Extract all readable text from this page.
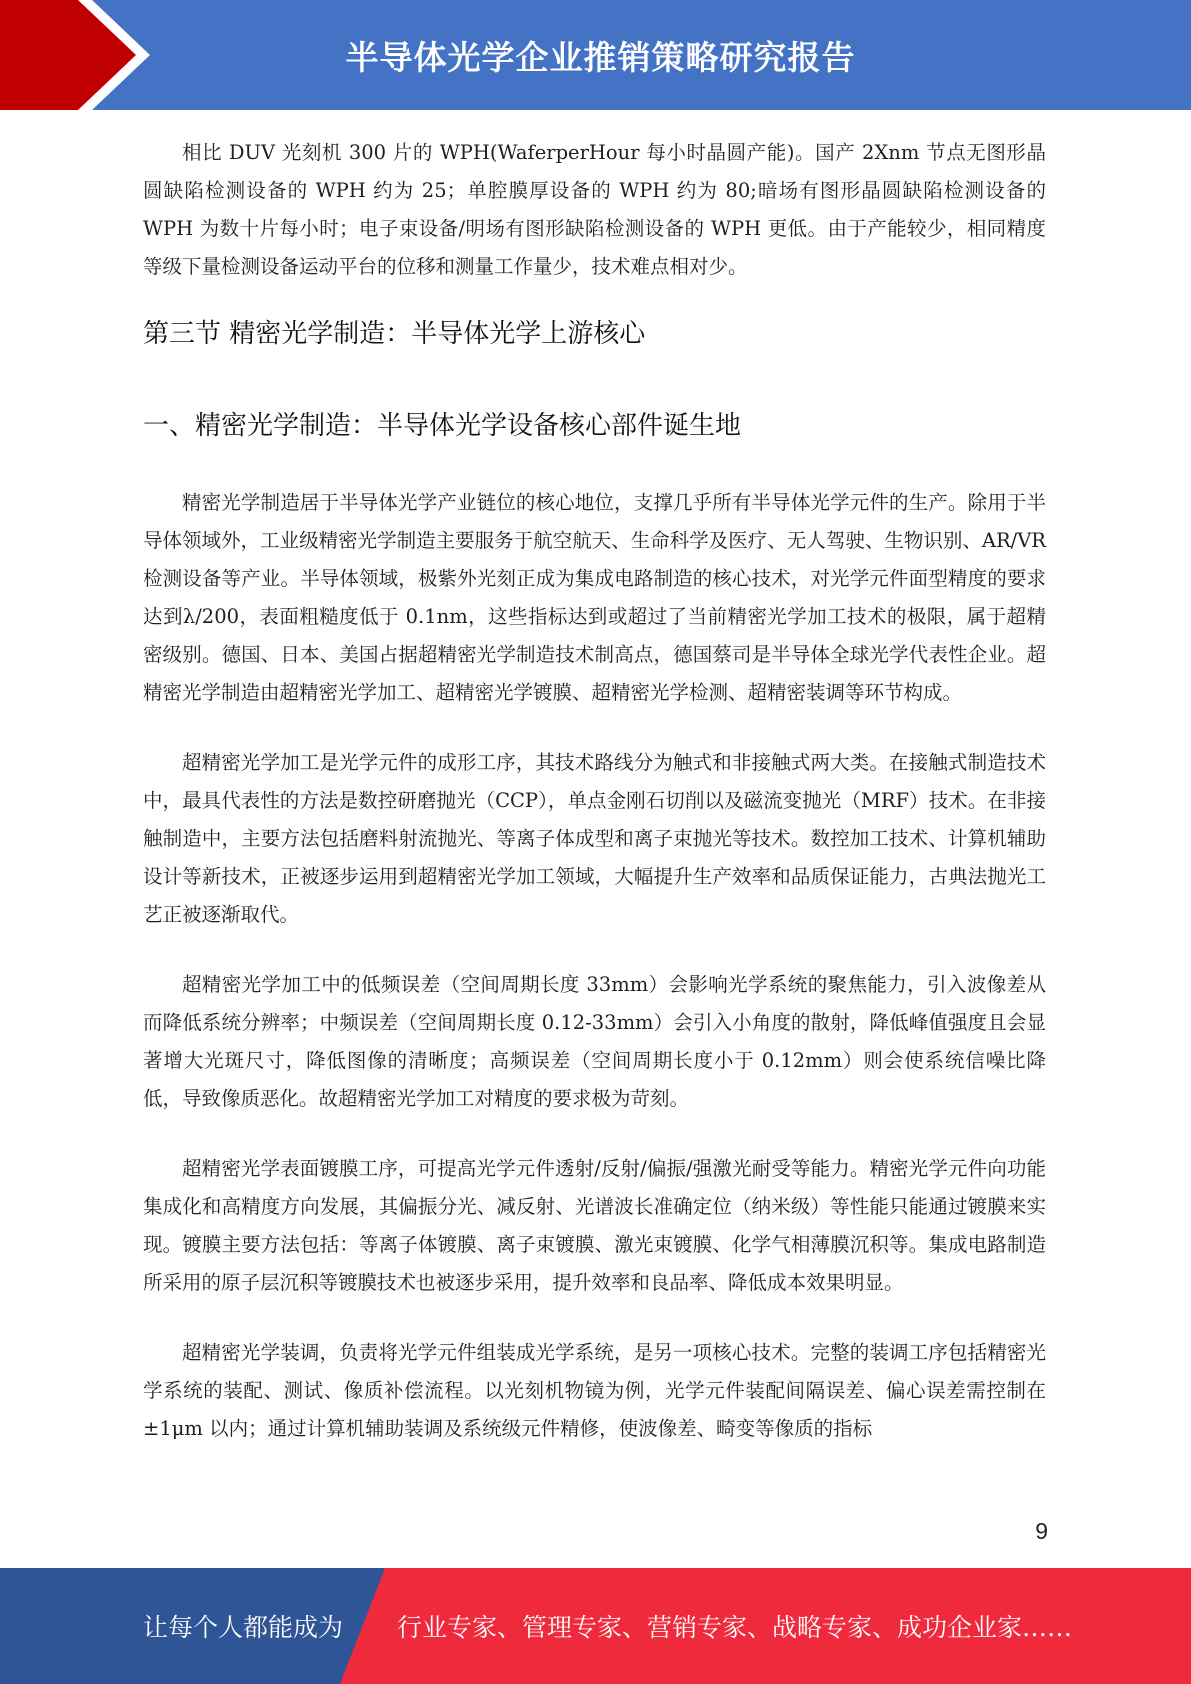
半导体光学企业推销策略研究报告

相比 DUV 光刻机 300 片的 WPH(WaferperHour 每小时晶圆产能)。国产 2Xnm 节点无图形晶圆缺陷检测设备的 WPH 约为 25；单腔膜厚设备的 WPH 约为 80;暗场有图形晶圆缺陷检测设备的 WPH 为数十片每小时；电子束设备/明场有图形缺陷检测设备的 WPH 更低。由于产能较少，相同精度等级下量检测设备运动平台的位移和测量工作量少，技术难点相对少。

第三节 精密光学制造：半导体光学上游核心
一、精密光学制造：半导体光学设备核心部件诞生地

精密光学制造居于半导体光学产业链位的核心地位，支撑几乎所有半导体光学元件的生产。除用于半导体领域外，工业级精密光学制造主要服务于航空航天、生命科学及医疗、无人驾驶、生物识别、AR/VR 检测设备等产业。半导体领域，极紫外光刻正成为集成电路制造的核心技术，对光学元件面型精度的要求达到λ/200，表面粗糙度低于 0.1nm，这些指标达到或超过了当前精密光学加工技术的极限，属于超精密级别。德国、日本、美国占据超精密光学制造技术制高点，德国蔡司是半导体全球光学代表性企业。超精密光学制造由超精密光学加工、超精密光学镀膜、超精密光学检测、超精密装调等环节构成。

超精密光学加工是光学元件的成形工序，其技术路线分为触式和非接触式两大类。在接触式制造技术中，最具代表性的方法是数控研磨抛光（CCP），单点金刚石切削以及磁流变抛光（MRF）技术。在非接触制造中，主要方法包括磨料射流抛光、等离子体成型和离子束抛光等技术。数控加工技术、计算机辅助设计等新技术，正被逐步运用到超精密光学加工领域，大幅提升生产效率和品质保证能力，古典法抛光工艺正被逐渐取代。

超精密光学加工中的低频误差（空间周期长度 33mm）会影响光学系统的聚焦能力，引入波像差从而降低系统分辨率；中频误差（空间周期长度 0.12-33mm）会引入小角度的散射，降低峰值强度且会显著增大光斑尺寸，降低图像的清晰度；高频误差（空间周期长度小于 0.12mm）则会使系统信噪比降低，导致像质恶化。故超精密光学加工对精度的要求极为苛刻。

超精密光学表面镀膜工序，可提高光学元件透射/反射/偏振/强激光耐受等能力。精密光学元件向功能集成化和高精度方向发展，其偏振分光、减反射、光谱波长准确定位（纳米级）等性能只能通过镀膜来实现。镀膜主要方法包括：等离子体镀膜、离子束镀膜、激光束镀膜、化学气相薄膜沉积等。集成电路制造所采用的原子层沉积等镀膜技术也被逐步采用，提升效率和良品率、降低成本效果明显。

超精密光学装调，负责将光学元件组装成光学系统，是另一项核心技术。完整的装调工序包括精密光学系统的装配、测试、像质补偿流程。以光刻机物镜为例，光学元件装配间隔误差、偏心误差需控制在±1μm 以内；通过计算机辅助装调及系统级元件精修，使波像差、畸变等像质的指标

9
让每个人都能成为 行业专家、管理专家、营销专家、战略专家、成功企业家……
